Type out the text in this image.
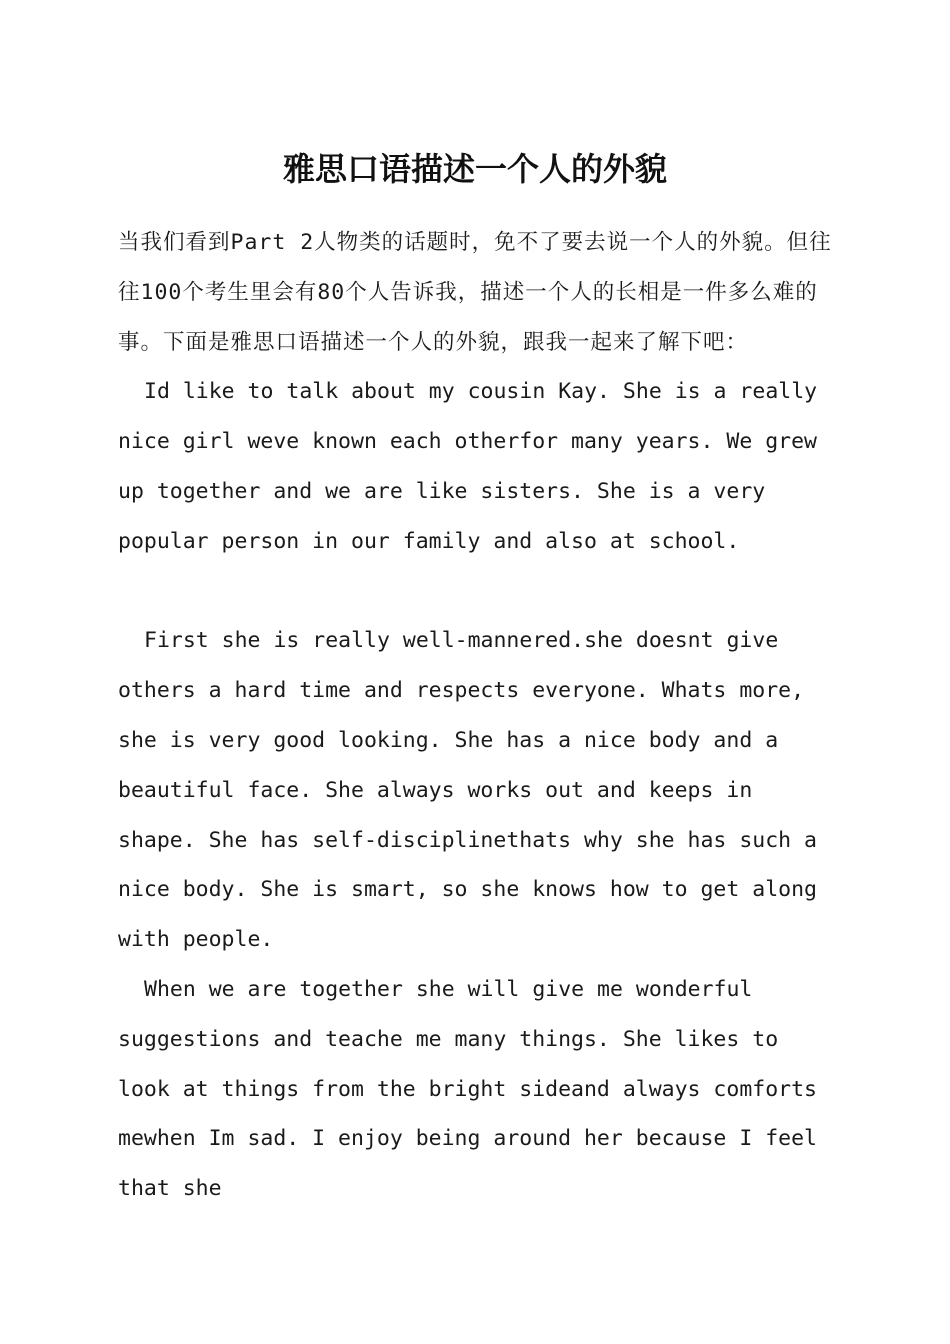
雅思口语描述一个人的外貌

当我们看到Part 2人物类的话题时，免不了要去说一个人的外貌。但往往100个考生里会有80个人告诉我，描述一个人的长相是一件多么难的事。下面是雅思口语描述一个人的外貌，跟我一起来了解下吧：

Id like to talk about my cousin Kay. She is a really nice girl weve known each otherfor many years. We grew up together and we are like sisters. She is a very popular person in our family and also at school.

First she is really well-mannered.she doesnt give others a hard time and respects everyone. Whats more, she is very good looking. She has a nice body and a beautiful face. She always works out and keeps in shape. She has self-disciplinethats why she has such a nice body. She is smart, so she knows how to get along with people.

When we are together she will give me wonderful suggestions and teache me many things. She likes to look at things from the bright sideand always comforts mewhen Im sad. I enjoy being around her because I feel that she
